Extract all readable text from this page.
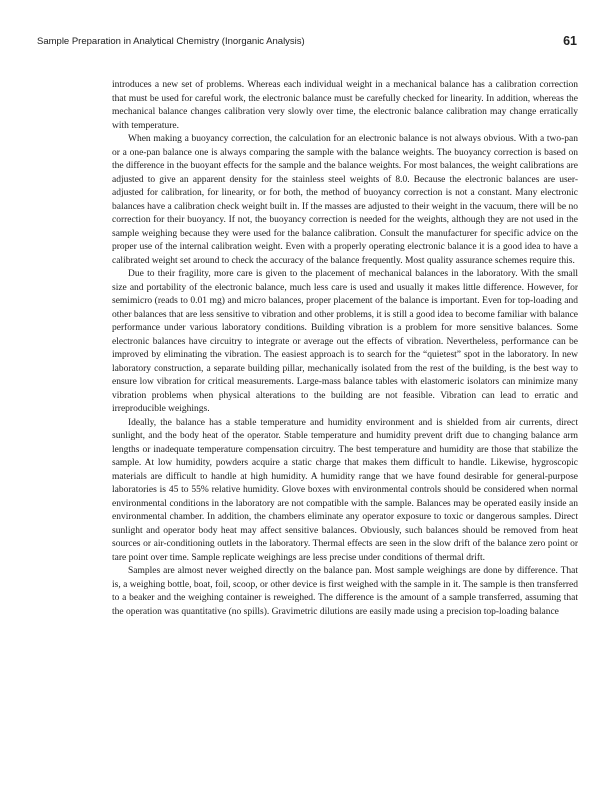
Sample Preparation in Analytical Chemistry (Inorganic Analysis)	61

introduces a new set of problems. Whereas each individual weight in a mechanical balance has a calibration correction that must be used for careful work, the electronic balance must be carefully checked for linearity. In addition, whereas the mechanical balance changes calibration very slowly over time, the electronic balance calibration may change erratically with temperature.

When making a buoyancy correction, the calculation for an electronic balance is not always obvious. With a two-pan or a one-pan balance one is always comparing the sample with the balance weights. The buoyancy correction is based on the difference in the buoyant effects for the sample and the balance weights. For most balances, the weight calibrations are adjusted to give an apparent density for the stainless steel weights of 8.0. Because the electronic balances are user-adjusted for calibration, for linearity, or for both, the method of buoyancy correction is not a constant. Many electronic balances have a calibration check weight built in. If the masses are adjusted to their weight in the vacuum, there will be no correction for their buoyancy. If not, the buoyancy correction is needed for the weights, although they are not used in the sample weighing because they were used for the balance calibration. Consult the manufacturer for specific advice on the proper use of the internal calibration weight. Even with a properly operating electronic balance it is a good idea to have a calibrated weight set around to check the accuracy of the balance frequently. Most quality assurance schemes require this.

Due to their fragility, more care is given to the placement of mechanical balances in the laboratory. With the small size and portability of the electronic balance, much less care is used and usually it makes little difference. However, for semimicro (reads to 0.01 mg) and micro balances, proper placement of the balance is important. Even for top-loading and other balances that are less sensitive to vibration and other problems, it is still a good idea to become familiar with balance performance under various laboratory conditions. Building vibration is a problem for more sensitive balances. Some electronic balances have circuitry to integrate or average out the effects of vibration. Nevertheless, performance can be improved by eliminating the vibration. The easiest approach is to search for the “quietest” spot in the laboratory. In new laboratory construction, a separate building pillar, mechanically isolated from the rest of the building, is the best way to ensure low vibration for critical measurements. Large-mass balance tables with elastomeric isolators can minimize many vibration problems when physical alterations to the building are not feasible. Vibration can lead to erratic and irreproducible weighings.

Ideally, the balance has a stable temperature and humidity environment and is shielded from air currents, direct sunlight, and the body heat of the operator. Stable temperature and humidity prevent drift due to changing balance arm lengths or inadequate temperature compensation circuitry. The best temperature and humidity are those that stabilize the sample. At low humidity, powders acquire a static charge that makes them difficult to handle. Likewise, hygroscopic materials are difficult to handle at high humidity. A humidity range that we have found desirable for general-purpose laboratories is 45 to 55% relative humidity. Glove boxes with environmental controls should be considered when normal environmental conditions in the laboratory are not compatible with the sample. Balances may be operated easily inside an environmental chamber. In addition, the chambers eliminate any operator exposure to toxic or dangerous samples. Direct sunlight and operator body heat may affect sensitive balances. Obviously, such balances should be removed from heat sources or air-conditioning outlets in the laboratory. Thermal effects are seen in the slow drift of the balance zero point or tare point over time. Sample replicate weighings are less precise under conditions of thermal drift.

Samples are almost never weighed directly on the balance pan. Most sample weighings are done by difference. That is, a weighing bottle, boat, foil, scoop, or other device is first weighed with the sample in it. The sample is then transferred to a beaker and the weighing container is reweighed. The difference is the amount of a sample transferred, assuming that the operation was quantitative (no spills). Gravimetric dilutions are easily made using a precision top-loading balance
